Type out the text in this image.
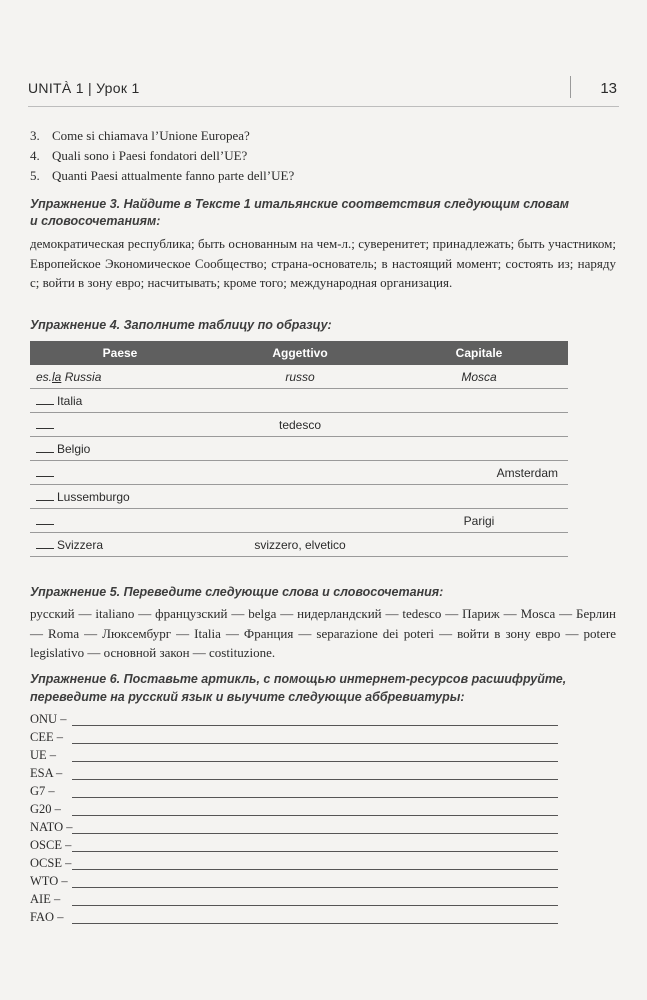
UNITÀ 1 | Урок 1	13
3. Come si chiamava l’Unione Europea?
4. Quali sono i Paesi fondatori dell’UE?
5. Quanti Paesi attualmente fanno parte dell’UE?
Упражнение 3. Найдите в Тексте 1 итальянские соответствия следующим словам
и словосочетаниям:
демократическая республика; быть основанным на чем-л.; суверенитет; принадлежать; быть участником; Европейское Экономическое Сообщество; страна-основатель; в настоящий момент; состоять из; наряду с; войти в зону евро; насчитывать; кроме того; международная организация.
Упражнение 4. Заполните таблицу по образцу:
Paese	Aggettivo	Capitale
es.la Russia	russo	Mosca
Italia		
	tedesco	
Belgio		
		Amsterdam
Lussemburgo		
		Parigi
Svizzera	svizzero, elvetico	
Упражнение 5. Переведите следующие слова и словосочетания:
русский — italiano — французский — belga — нидерландский — tedesco — Париж — Mosca — Берлин — Roma — Люксембург — Italia — Франция — separazione dei poteri — войти в зону евро — potere legislativo — основной закон — costituzione.
Упражнение 6. Поставьте артикль, с помощью интернет-ресурсов расшифруйте,
переведите на русский язык и выучите следующие аббревиатуры:
ONU –
CEE –
UE –
ESA –
G7 –
G20 –
NATO –
OSCE –
OCSE –
WTO –
AIE –
FAO –
